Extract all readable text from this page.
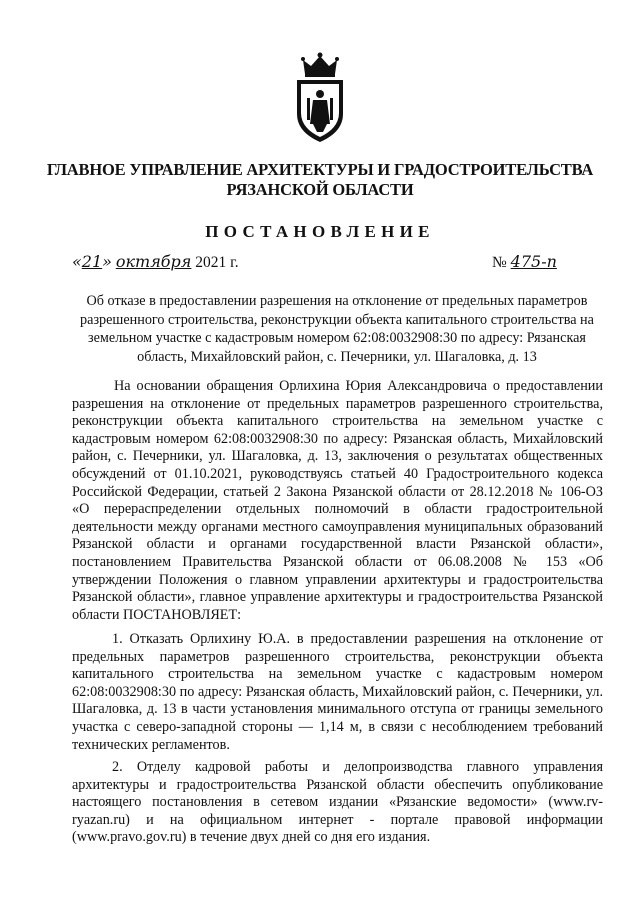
ГЛАВНОЕ УПРАВЛЕНИЕ АРХИТЕКТУРЫ И ГРАДОСТРОИТЕЛЬСТВА
РЯЗАНСКОЙ ОБЛАСТИ
ПОСТАНОВЛЕНИЕ
«21» октября 2021 г.	№ 475-п
Об отказе в предоставлении разрешения на отклонение от предельных параметров разрешенного строительства, реконструкции объекта капитального строительства на земельном участке с кадастровым номером 62:08:0032908:30 по адресу: Рязанская область, Михайловский район, с. Печерники, ул. Шагаловка, д. 13
На основании обращения Орлихина Юрия Александровича о предоставлении разрешения на отклонение от предельных параметров разрешенного строительства, реконструкции объекта капитального строительства на земельном участке с кадастровым номером 62:08:0032908:30 по адресу: Рязанская область, Михайловский район, с. Печерники, ул. Шагаловка, д. 13, заключения о результатах общественных обсуждений от 01.10.2021, руководствуясь статьей 40 Градостроительного кодекса Российской Федерации, статьей 2 Закона Рязанской области от 28.12.2018 № 106-ОЗ «О перераспределении отдельных полномочий в области градостроительной деятельности между органами местного самоуправления муниципальных образований Рязанской области и органами государственной власти Рязанской области», постановлением Правительства Рязанской области от 06.08.2008 № 153 «Об утверждении Положения о главном управлении архитектуры и градостроительства Рязанской области», главное управление архитектуры и градостроительства Рязанской области ПОСТАНОВЛЯЕТ:
1. Отказать Орлихину Ю.А. в предоставлении разрешения на отклонение от предельных параметров разрешенного строительства, реконструкции объекта капитального строительства на земельном участке с кадастровым номером 62:08:0032908:30 по адресу: Рязанская область, Михайловский район, с. Печерники, ул. Шагаловка, д. 13 в части установления минимального отступа от границы земельного участка с северо-западной стороны — 1,14 м, в связи с несоблюдением требований технических регламентов.
2. Отделу кадровой работы и делопроизводства главного управления архитектуры и градостроительства Рязанской области обеспечить опубликование настоящего постановления в сетевом издании «Рязанские ведомости» (www.rv-ryazan.ru) и на официальном интернет - портале правовой информации (www.pravo.gov.ru) в течение двух дней со дня его издания.
